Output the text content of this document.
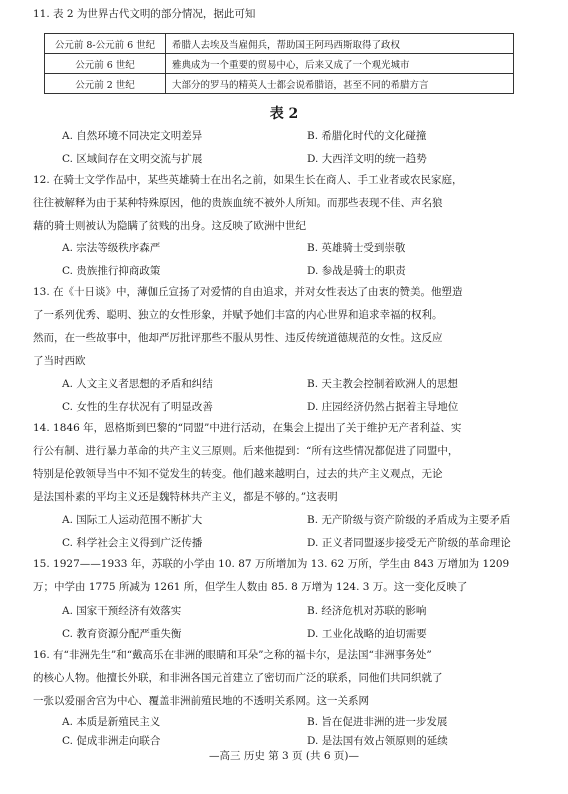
11. 表 2 为世界古代文明的部分情况，据此可知

公元前 8-公元前 6 世纪	希腊人去埃及当雇佣兵，帮助国王阿玛西斯取得了政权
公元前 6 世纪	雅典成为一个重要的贸易中心，后来又成了一个观光城市
公元前 2 世纪	大部分的罗马的精英人士都会说希腊语，甚至不同的希腊方言
表 2
A. 自然环境不同决定文明差异	B. 希腊化时代的文化碰撞
C. 区域间存在文明交流与扩展	D. 大西洋文明的统一趋势

12. 在骑士文学作品中，某些英雄骑士在出名之前，如果生长在商人、手工业者或农民家庭，
往往被解释为由于某种特殊原因，他的贵族血统不被外人所知。而那些表现不佳、声名狼
藉的骑士则被认为隐瞒了贫贱的出身。这反映了欧洲中世纪

A. 宗法等级秩序森严	B. 英雄骑士受到崇敬
C. 贵族推行抑商政策	D. 参战是骑士的职责

13. 在《十日谈》中，薄伽丘宣扬了对爱情的自由追求，并对女性表达了由衷的赞美。他塑造
了一系列优秀、聪明、独立的女性形象，并赋予她们丰富的内心世界和追求幸福的权利。
然而，在一些故事中，他却严厉批评那些不服从男性、违反传统道德规范的女性。这反应
了当时西欧

A. 人文主义者思想的矛盾和纠结	B. 天主教会控制着欧洲人的思想
C. 女性的生存状况有了明显改善	D. 庄园经济仍然占据着主导地位

14. 1846 年，恩格斯到巴黎的“同盟”中进行活动，在集会上提出了关于维护无产者利益、实
行公有制、进行暴力革命的共产主义三原则。后来他提到：“所有这些情况都促进了同盟中，
特别是伦敦领导当中不知不觉发生的转变。他们越来越明白，过去的共产主义观点，无论
是法国朴素的平均主义还是魏特林共产主义，都是不够的。”这表明

A. 国际工人运动范围不断扩大	B. 无产阶级与资产阶级的矛盾成为主要矛盾
C. 科学社会主义得到广泛传播	D. 正义者同盟逐步接受无产阶级的革命理论

15. 1927——1933 年，苏联的小学由 10. 87 万所增加为 13. 62 万所，学生由 843 万增加为 1209
万；中学由 1775 所减为 1261 所，但学生人数由 85. 8 万增为 124. 3 万。这一变化反映了

A. 国家干预经济有效落实	B. 经济危机对苏联的影响
C. 教育资源分配严重失衡	D. 工业化战略的迫切需要

16. 有“非洲先生”和“戴高乐在非洲的眼睛和耳朵”之称的福卡尔，是法国“非洲事务处”
的核心人物。他擅长外联，和非洲各国元首建立了密切而广泛的联系，同他们共同织就了
一张以爱丽舍宫为中心、覆盖非洲前殖民地的不透明关系网。这一关系网

A. 本质是新殖民主义	B. 旨在促进非洲的进一步发展
C. 促成非洲走向联合	D. 是法国有效占领原则的延续
—高三 历史 第 3 页 (共 6 页)—
